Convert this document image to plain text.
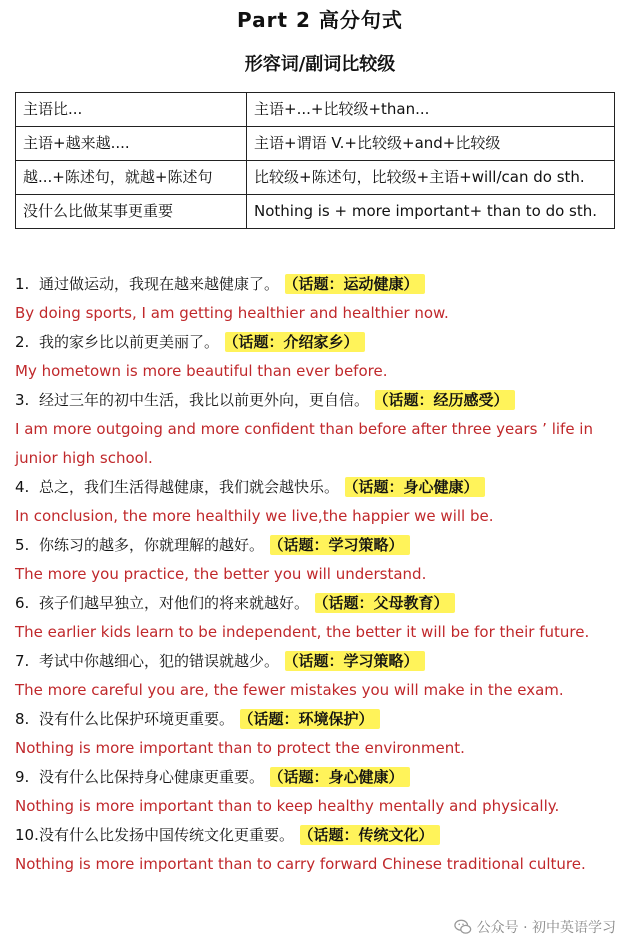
Part 2 高分句式
形容词/副词比较级
主语比...	主语+...+比较级+than...
主语+越来越....	主语+谓语 V.+比较级+and+比较级
越...+陈述句，就越+陈述句	比较级+陈述句，比较级+主语+will/can do sth.
没什么比做某事更重要	Nothing is + more important+ than to do sth.
1. 通过做运动，我现在越来越健康了。 （话题：运动健康）
By doing sports, I am getting healthier and healthier now.
2. 我的家乡比以前更美丽了。 （话题：介绍家乡）
My hometown is more beautiful than ever before.
3. 经过三年的初中生活，我比以前更外向，更自信。 （话题：经历感受）
I am more outgoing and more confident than before after three years ’ life in junior high school.
4. 总之，我们生活得越健康，我们就会越快乐。 （话题：身心健康）
In conclusion, the more healthily we live,the happier we will be.
5. 你练习的越多，你就理解的越好。 （话题：学习策略）
The more you practice, the better you will understand.
6. 孩子们越早独立，对他们的将来就越好。 （话题：父母教育）
The earlier kids learn to be independent, the better it will be for their future.
7. 考试中你越细心，犯的错误就越少。 （话题：学习策略）
The more careful you are, the fewer mistakes you will make in the exam.
8. 没有什么比保护环境更重要。 （话题：环境保护）
Nothing is more important than to protect the environment.
9. 没有什么比保持身心健康更重要。 （话题：身心健康）
Nothing is more important than to keep healthy mentally and physically.
10.没有什么比发扬中国传统文化更重要。 （话题：传统文化）
Nothing is more important than to carry forward Chinese traditional culture.
公众号 · 初中英语学习
